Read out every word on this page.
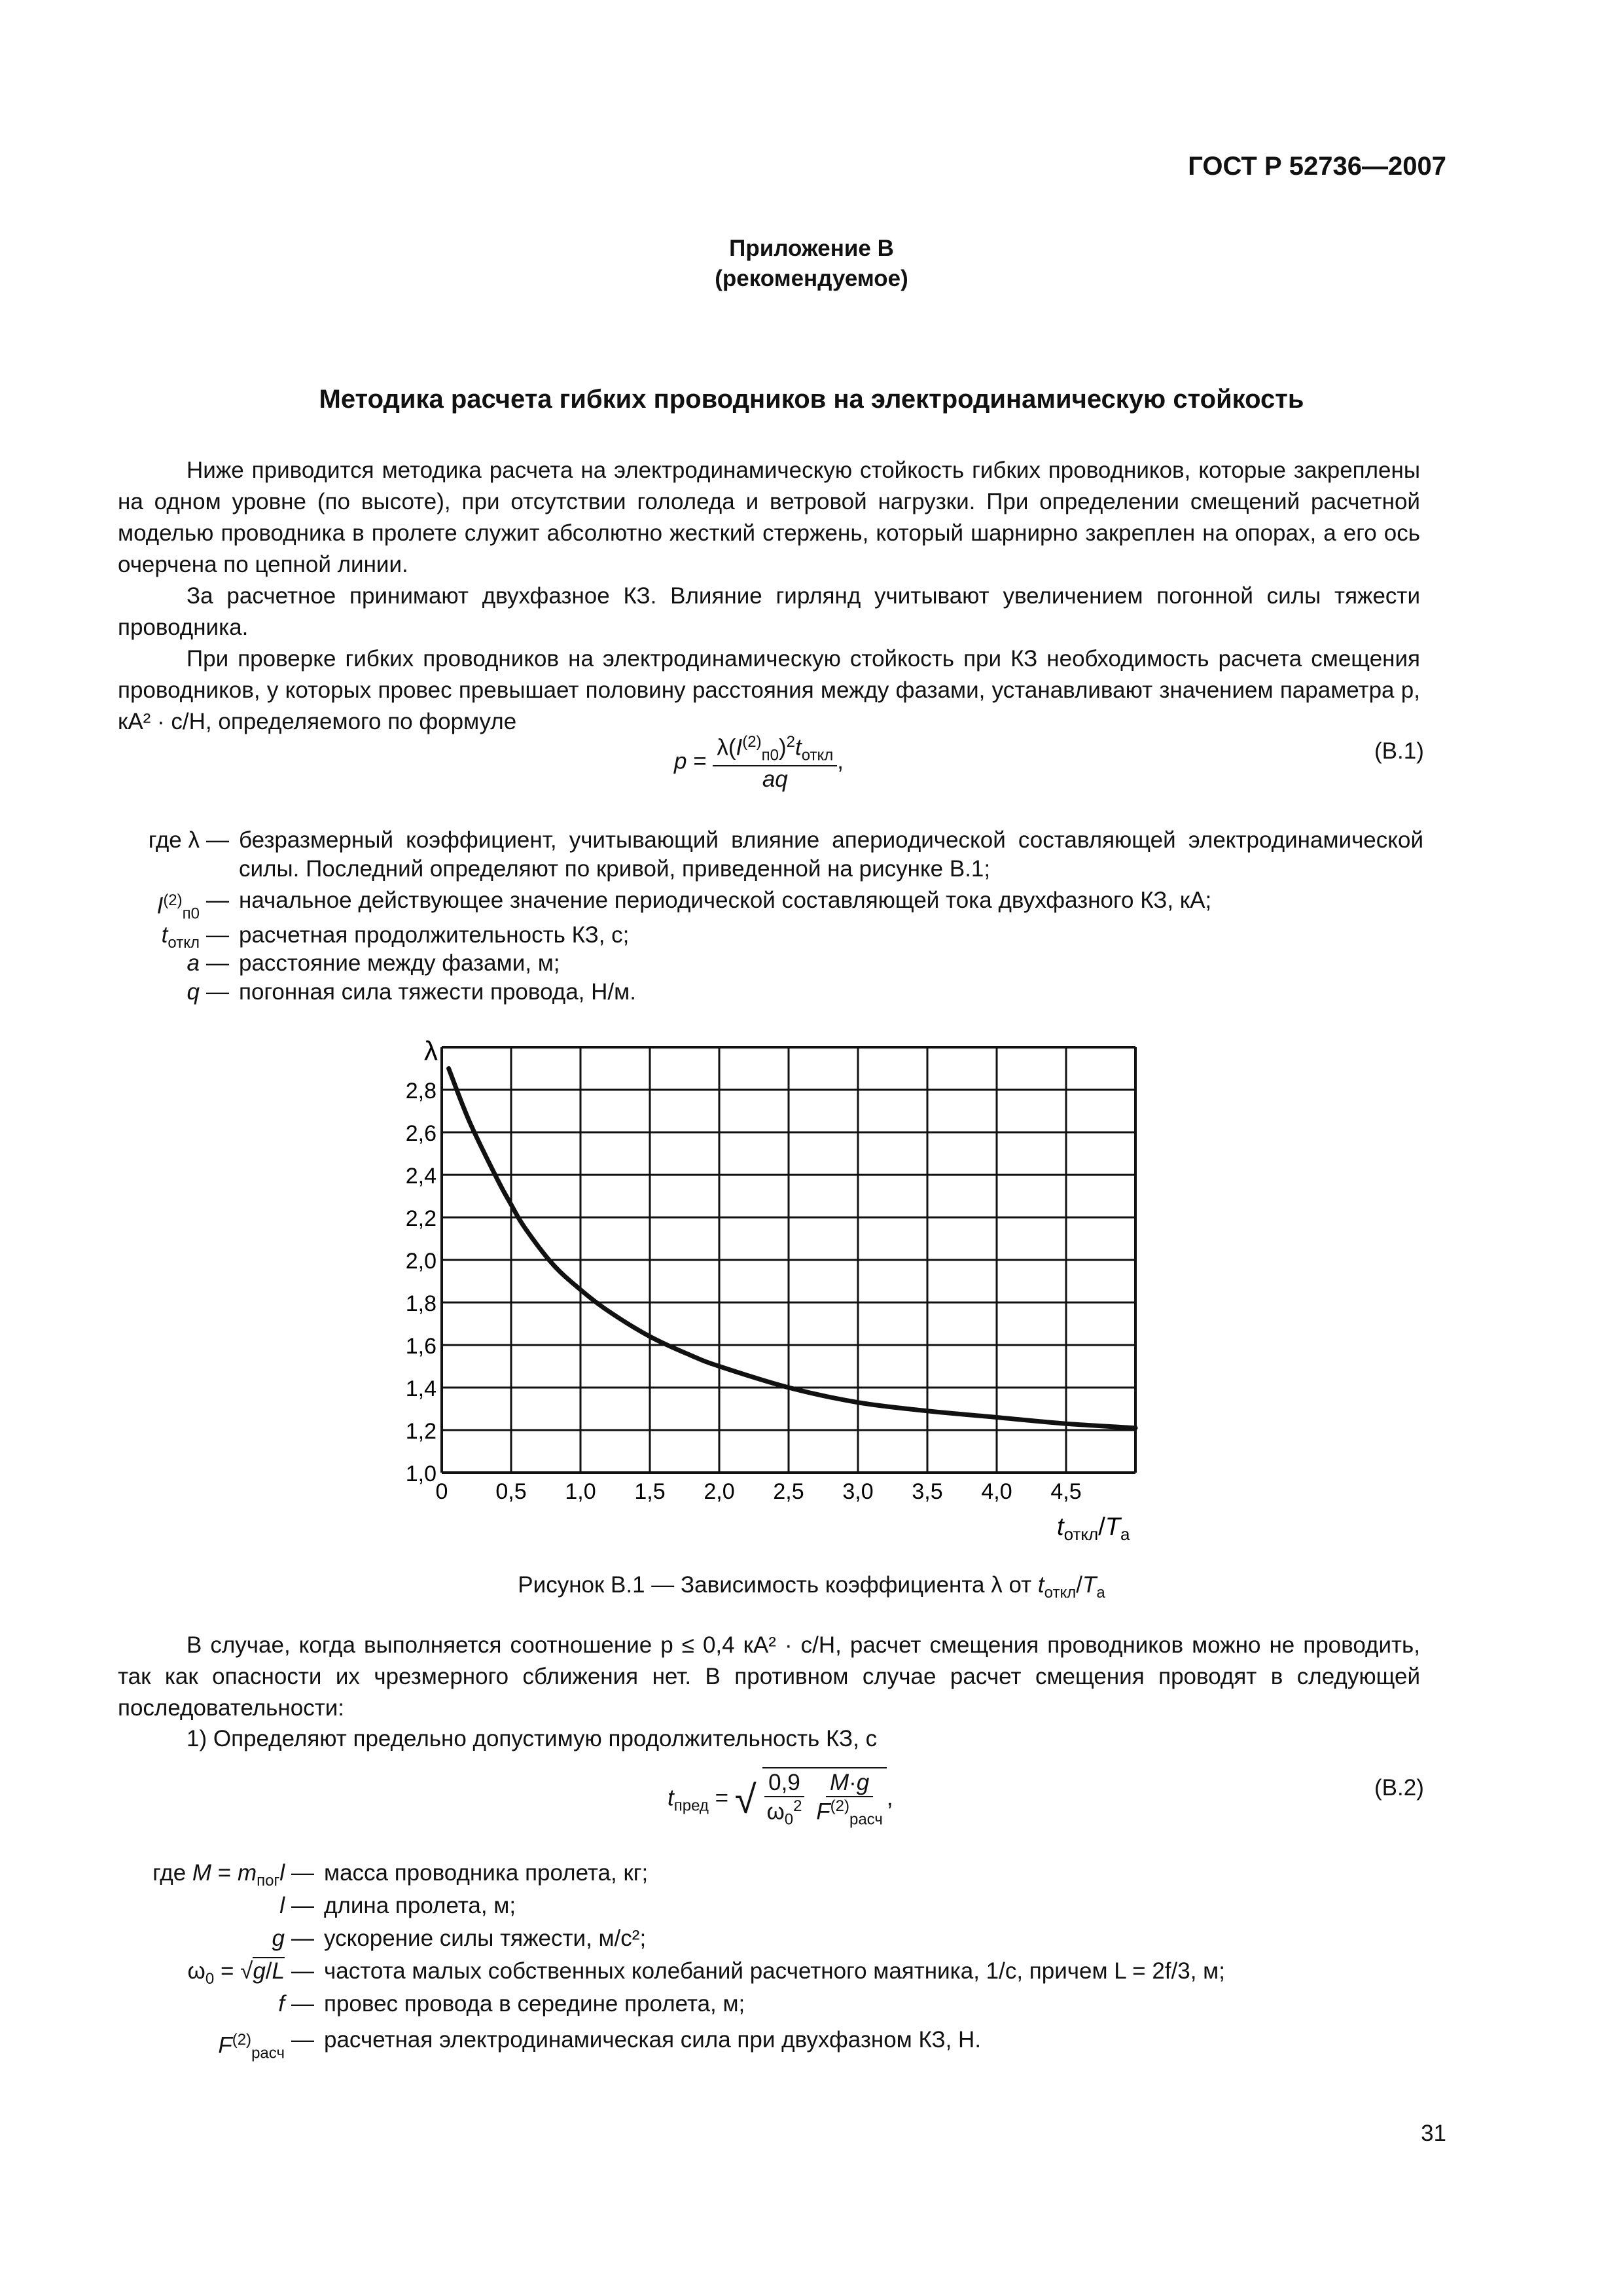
ГОСТ Р 52736—2007
Приложение В
(рекомендуемое)
Методика расчета гибких проводников на электродинамическую стойкость
Ниже приводится методика расчета на электродинамическую стойкость гибких проводников, которые закреплены на одном уровне (по высоте), при отсутствии гололеда и ветровой нагрузки. При определении смещений расчетной моделью проводника в пролете служит абсолютно жесткий стержень, который шарнирно закреплен на опорах, а его ось очерчена по цепной линии.
За расчетное принимают двухфазное КЗ. Влияние гирлянд учитывают увеличением погонной силы тяжести проводника.
При проверке гибких проводников на электродинамическую стойкость при КЗ необходимость расчета смещения проводников, у которых провес превышает половину расстояния между фазами, устанавливают значением параметра p, кА² · с/Н, определяемого по формуле
$p = \frac{\lambda(I^{(2)}_{п0})^2t_{откл}}{aq}$ ,	(В.1)
где λ — безразмерный коэффициент, учитывающий влияние апериодической составляющей электродинамической силы. Последний определяют по кривой, приведенной на рисунке В.1;
$I^{(2)}_{п0}$
— начальное действующее значение периодической составляющей тока двухфазного КЗ, кА;
$t_{откл}$ — расчетная продолжительность КЗ, с;
a — расстояние между фазами, м;
q — погонная сила тяжести провода, Н/м.
1,0
1,2
1,4
1,6
1,8
2,0
2,2
2,4
2,6
2,8
0 0,5 1,0 1,5 2,0 2,5 3,0 3,5 4,0 4,5
λ
$t_{откл}/T_а$
Рисунок В.1 — Зависимость коэффициента λ от $t_{откл}/T_а$
В случае, когда выполняется соотношение p ≤ 0,4 кА² · с/Н, расчет смещения проводников можно не проводить, так как опасности их чрезмерного сближения нет. В противном случае расчет смещения проводят в следующей последовательности:
1) Определяют предельно допустимую продолжительность КЗ, с
$t_{пред}$ = √ $\frac{0,9}{\omega_0^2}$
$\frac{M\cdot g}{F^{(2)}_{расч}}$ ,	(В.2)
где $M = m_{пог}l$ — масса проводника пролета, кг;
l — длина пролета, м;
g — ускорение силы тяжести, м/с²;
$\omega_0 = √g/L$ — частота малых собственных колебаний расчетного маятника, 1/с, причем L = 2f/3, м;
f — провес провода в середине пролета, м;
$F^{(2)}_{расч}$
— расчетная электродинамическая сила при двухфазном КЗ, Н.
31
